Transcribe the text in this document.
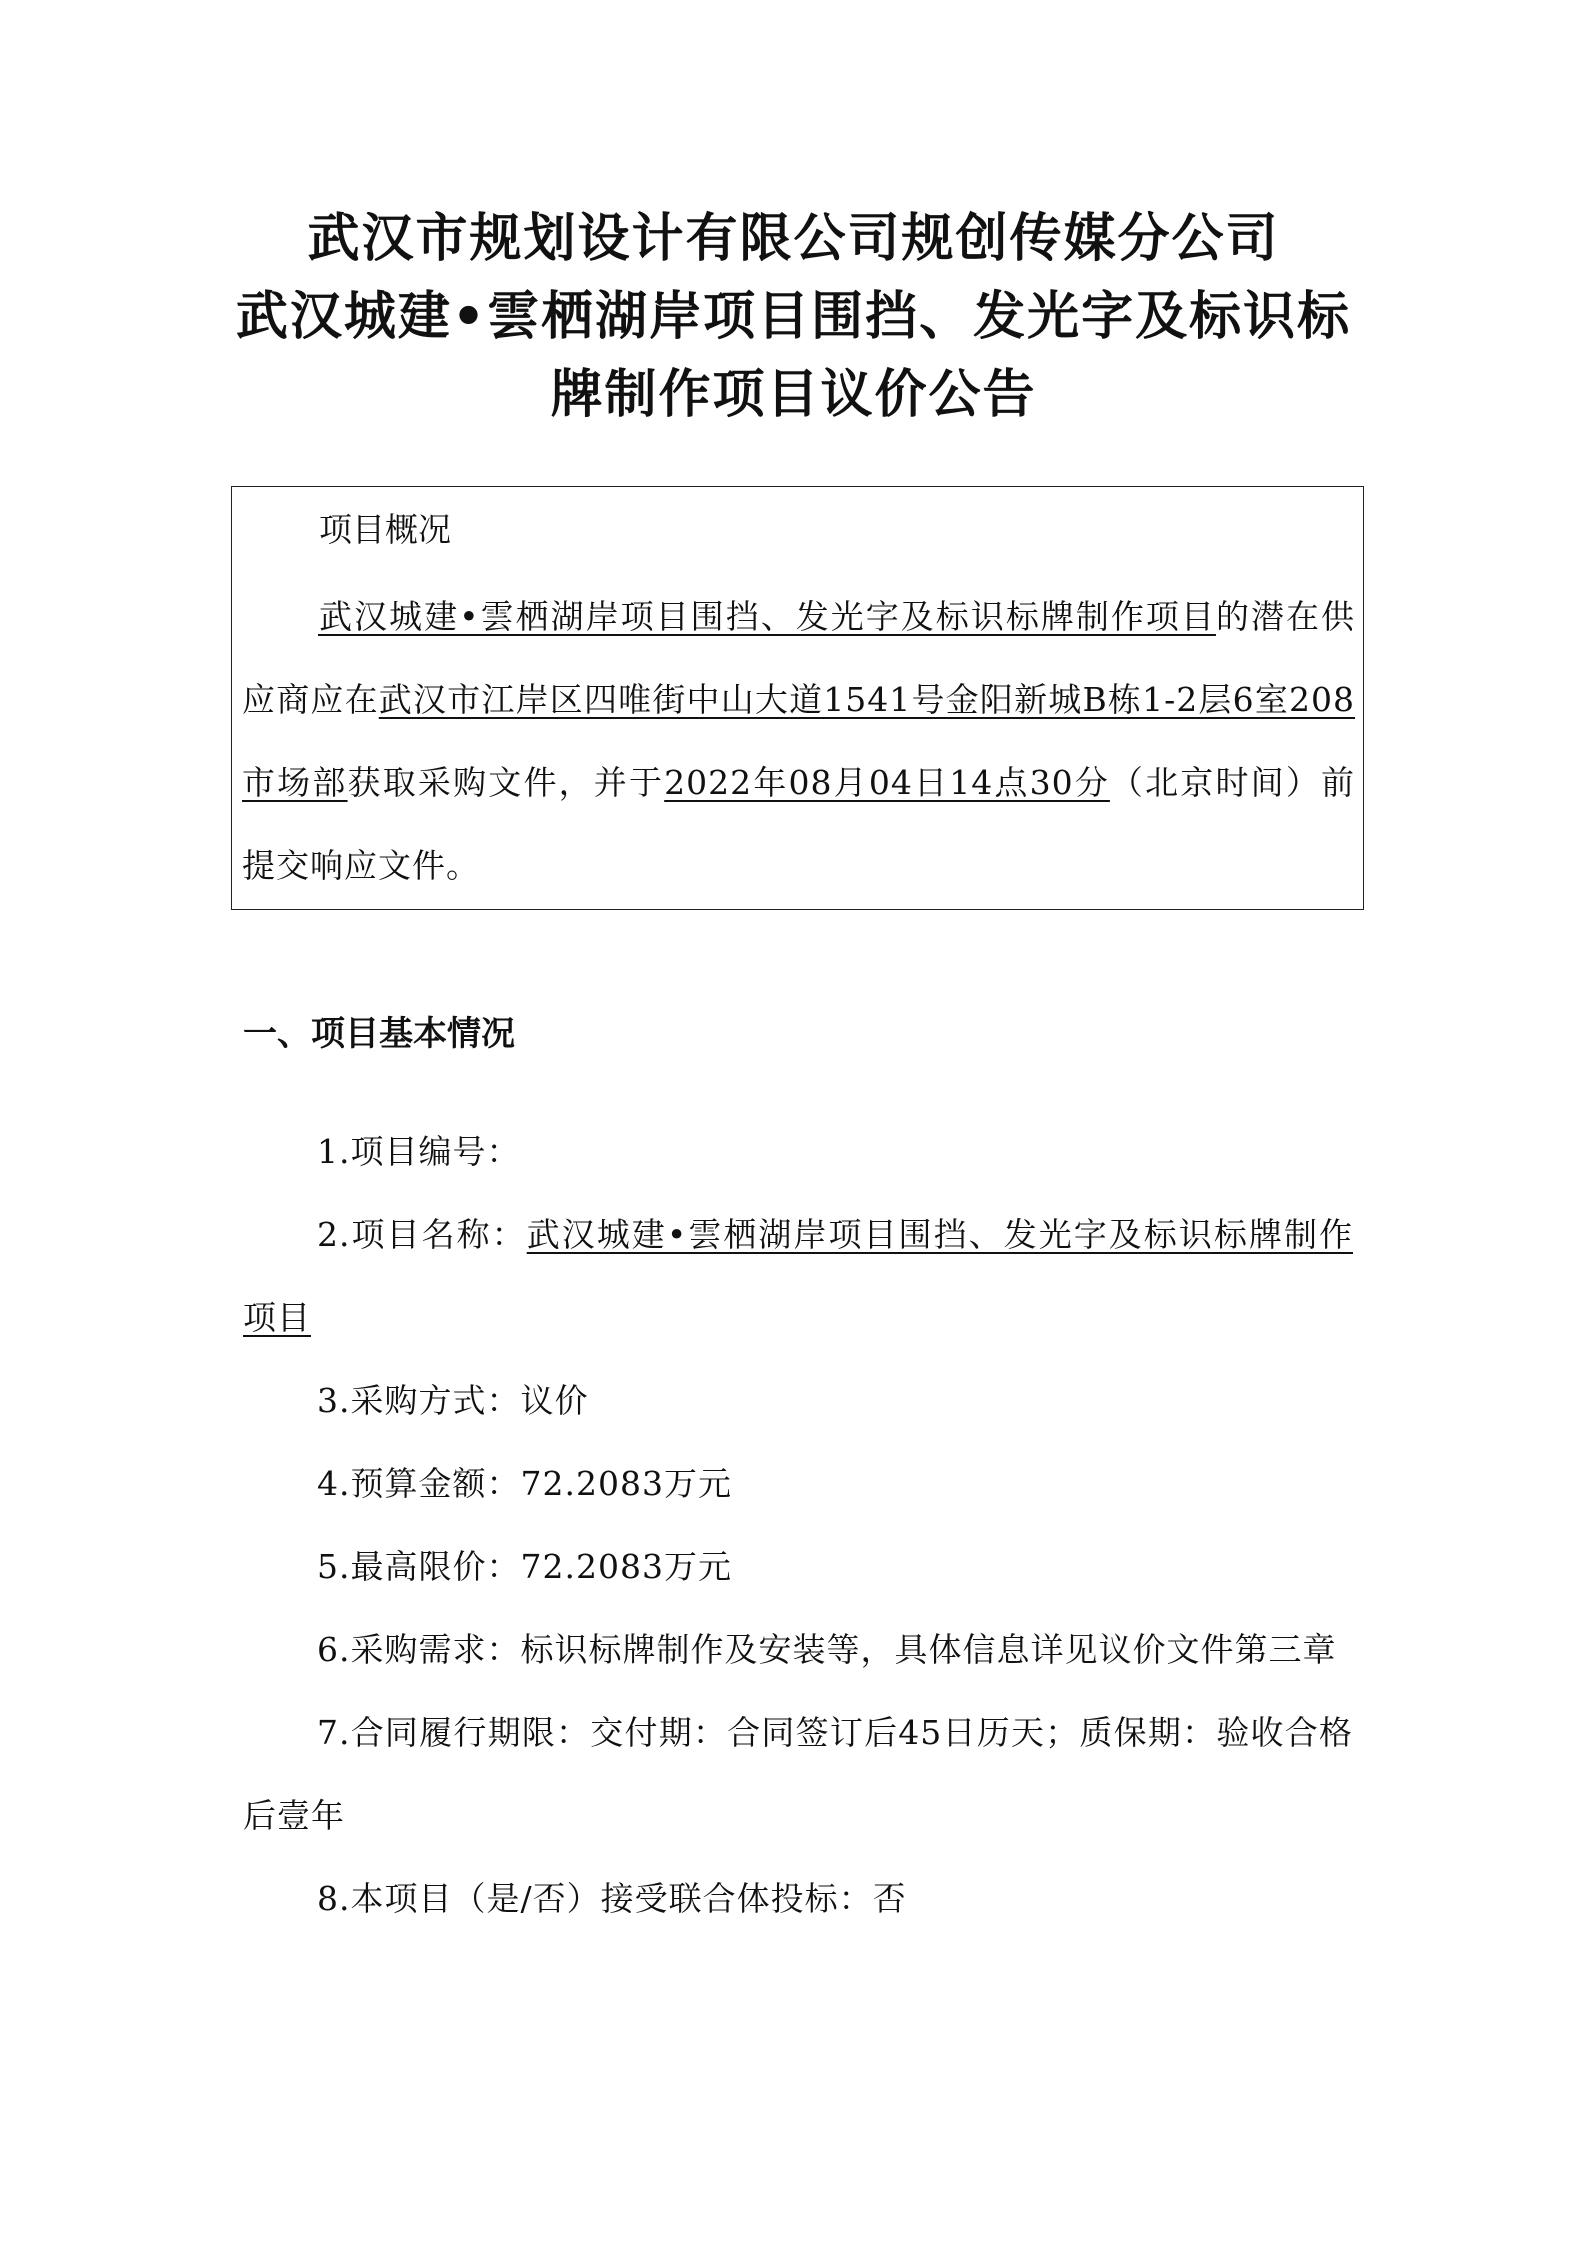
武汉市规划设计有限公司规创传媒分公司
武汉城建•雲栖湖岸项目围挡、发光字及标识标
牌制作项目议价公告
项目概况
武汉城建•雲栖湖岸项目围挡、发光字及标识标牌制作项目的潜在供应商应在武汉市江岸区四唯街中山大道1541号金阳新城B栋1-2层6室208市场部获取采购文件，并于2022年08月04日14点30分（北京时间）前提交响应文件。
一、项目基本情况
1.项目编号：
2.项目名称：武汉城建•雲栖湖岸项目围挡、发光字及标识标牌制作项目
3.采购方式：议价
4.预算金额：72.2083万元
5.最高限价：72.2083万元
6.采购需求：标识标牌制作及安装等，具体信息详见议价文件第三章
7.合同履行期限：交付期：合同签订后45日历天；质保期：验收合格后壹年
8.本项目（是/否）接受联合体投标：否
